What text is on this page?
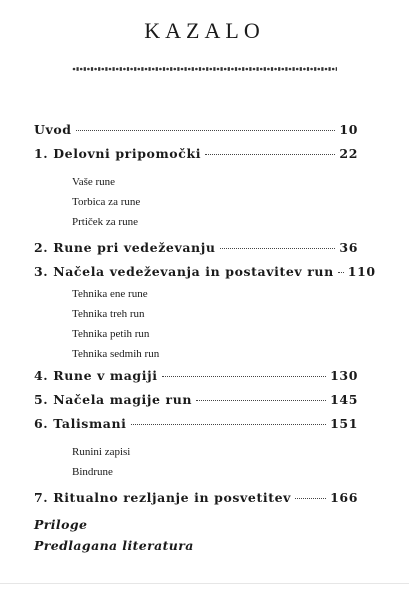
KAZALO
Uvod	10
1. Delovni pripomočki	22
Vaše rune
Torbica za rune
Prtiček za rune
2. Rune pri vedeževanju	36
3. Načela vedeževanja in postavitev run 110
Tehnika ene rune
Tehnika treh run
Tehnika petih run
Tehnika sedmih run
4. Rune v magiji	130
5. Načela magije run	145
6. Talismani	151
Runini zapisi
Bindrune
7. Ritualno rezljanje in posvetitev	166
Priloge
Predlagana literatura
